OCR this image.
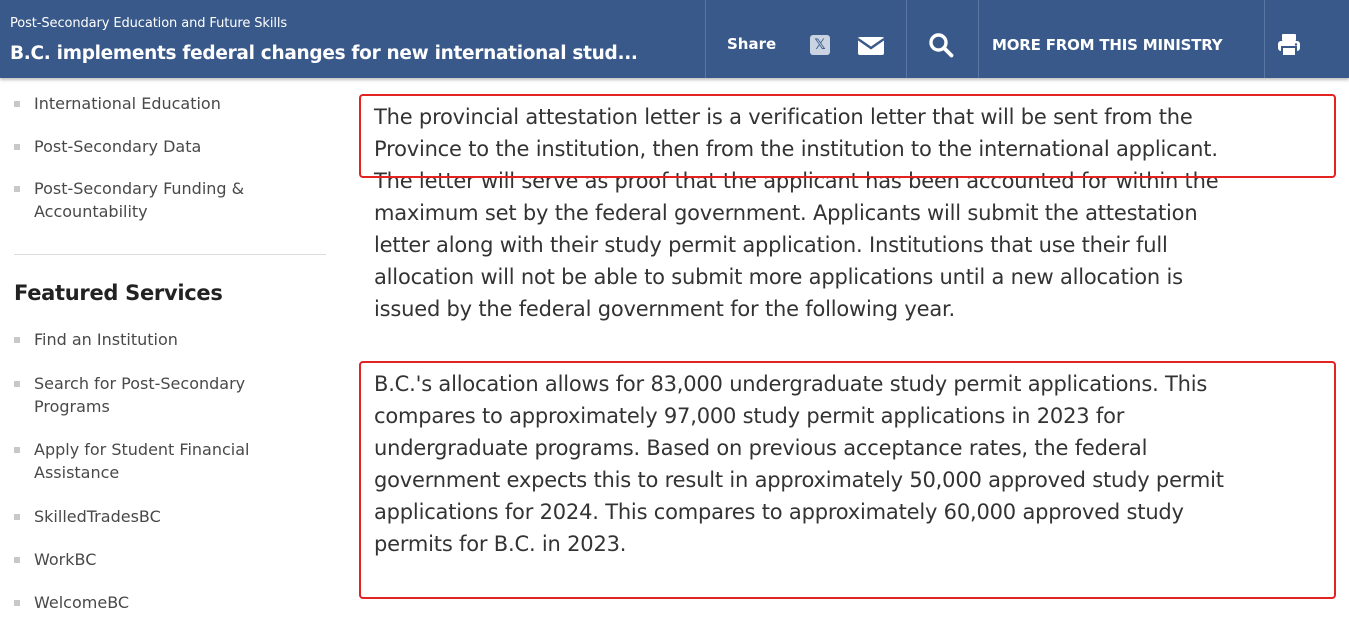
Post-Secondary Education and Future Skills
B.C. implements federal changes for new international stud...	Share	𝕏	MORE FROM THIS MINISTRY
International Education
Post-Secondary Data
Post-Secondary Funding & Accountability
Featured Services
Find an Institution
Search for Post-Secondary Programs
Apply for Student Financial Assistance
SkilledTradesBC
WorkBC
WelcomeBC
The provincial attestation letter is a verification letter that will be sent from the
Province to the institution, then from the institution to the international applicant.
The letter will serve as proof that the applicant has been accounted for within the
maximum set by the federal government. Applicants will submit the attestation
letter along with their study permit application. Institutions that use their full
allocation will not be able to submit more applications until a new allocation is
issued by the federal government for the following year.
B.C.'s allocation allows for 83,000 undergraduate study permit applications. This
compares to approximately 97,000 study permit applications in 2023 for
undergraduate programs. Based on previous acceptance rates, the federal
government expects this to result in approximately 50,000 approved study permit
applications for 2024. This compares to approximately 60,000 approved study
permits for B.C. in 2023.
